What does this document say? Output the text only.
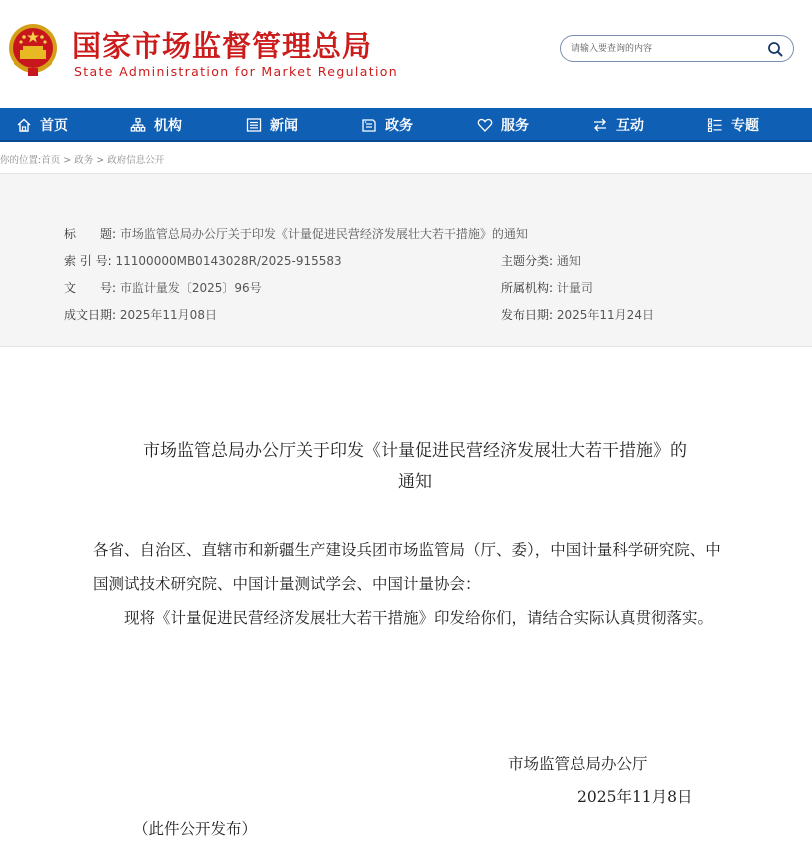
国家市场监督管理总局
State Administration for Market Regulation
请输入要查询的内容
首页	机构	新闻	政务	服务	互动	专题
你的位置:首页 > 政务 > 政府信息公开
标　　题: 市场监管总局办公厅关于印发《计量促进民营经济发展壮大若干措施》的通知
索 引 号: 11100000MB0143028R/2025-915583	主题分类: 通知
文　　号: 市监计量发〔2025〕96号	所属机构: 计量司
成文日期: 2025年11月08日	发布日期: 2025年11月24日
市场监管总局办公厅关于印发《计量促进民营经济发展壮大若干措施》的
通知

各省、自治区、直辖市和新疆生产建设兵团市场监管局（厅、委），中国计量科学研究院、中国测试技术研究院、中国计量测试学会、中国计量协会：

现将《计量促进民营经济发展壮大若干措施》印发给你们，请结合实际认真贯彻落实。

市场监管总局办公厅
2025年11月8日
（此件公开发布）
